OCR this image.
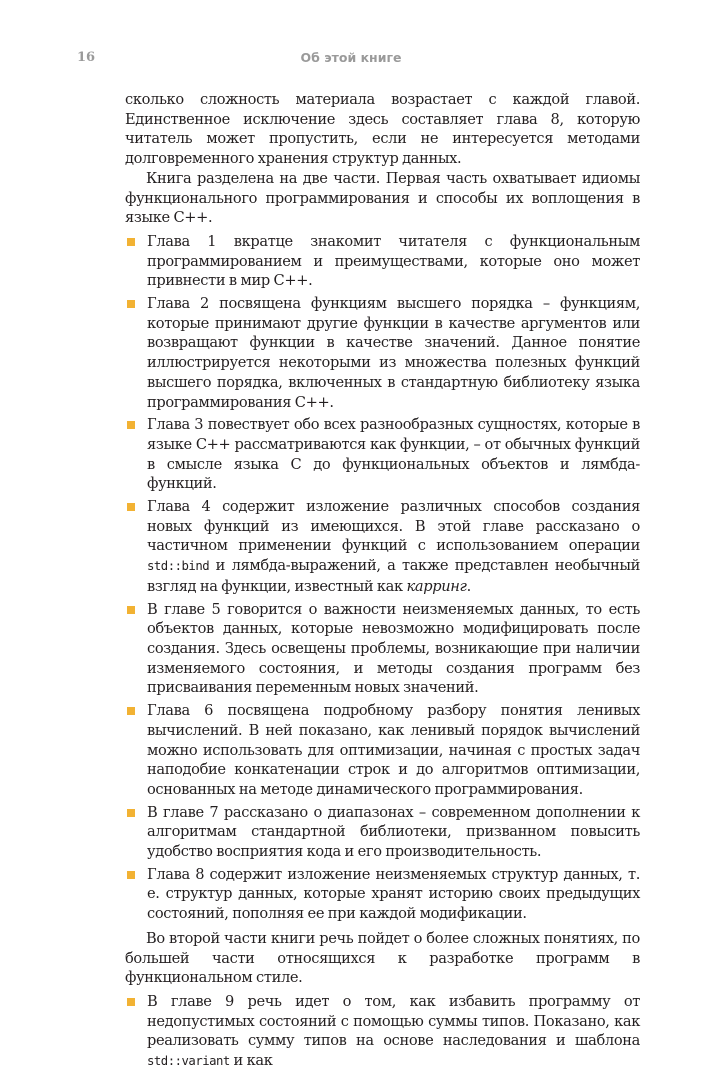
16	Об этой книге

сколько сложность материала возрастает с каждой главой. Единственное исключение здесь составляет глава 8, которую читатель может пропустить, если не интересуется методами долговременного хранения структур данных.

Книга разделена на две части. Первая часть охватывает идиомы функционального программирования и способы их воплощения в языке С++.

Глава 1 вкратце знакомит читателя с функциональным программированием и преимуществами, которые оно может привнести в мир С++.
Глава 2 посвящена функциям высшего порядка – функциям, которые принимают другие функции в качестве аргументов или возвращают функции в качестве значений. Данное понятие иллюстрируется некоторыми из множества полезных функций высшего порядка, включенных в стандартную библиотеку языка программирования С++.
Глава 3 повествует обо всех разнообразных сущностях, которые в языке С++ рассматриваются как функции, – от обычных функций в смысле языка С до функциональных объектов и лямбда-функций.
Глава 4 содержит изложение различных способов создания новых функций из имеющихся. В этой главе рассказано о частичном применении функций с использованием операции std::bind и лямбда-выражений, а также представлен необычный взгляд на функции, известный как карринг.
В главе 5 говорится о важности неизменяемых данных, то есть объектов данных, которые невозможно модифицировать после создания. Здесь освещены проблемы, возникающие при наличии изменяемого состояния, и методы создания программ без присваивания переменным новых значений.
Глава 6 посвящена подробному разбору понятия ленивых вычислений. В ней показано, как ленивый порядок вычислений можно использовать для оптимизации, начиная с простых задач наподобие конкатенации строк и до алгоритмов оптимизации, основанных на методе динамического программирования.
В главе 7 рассказано о диапазонах – современном дополнении к алгоритмам стандартной библиотеки, призванном повысить удобство восприятия кода и его производительность.
Глава 8 содержит изложение неизменяемых структур данных, т. е. структур данных, которые хранят историю своих предыдущих состояний, пополняя ее при каждой модификации.

Во второй части книги речь пойдет о более сложных понятиях, по большей части относящихся к разработке программ в функциональном стиле.

В главе 9 речь идет о том, как избавить программу от недопустимых состояний с помощью суммы типов. Показано, как реализовать сумму типов на основе наследования и шаблона std::variant и как
